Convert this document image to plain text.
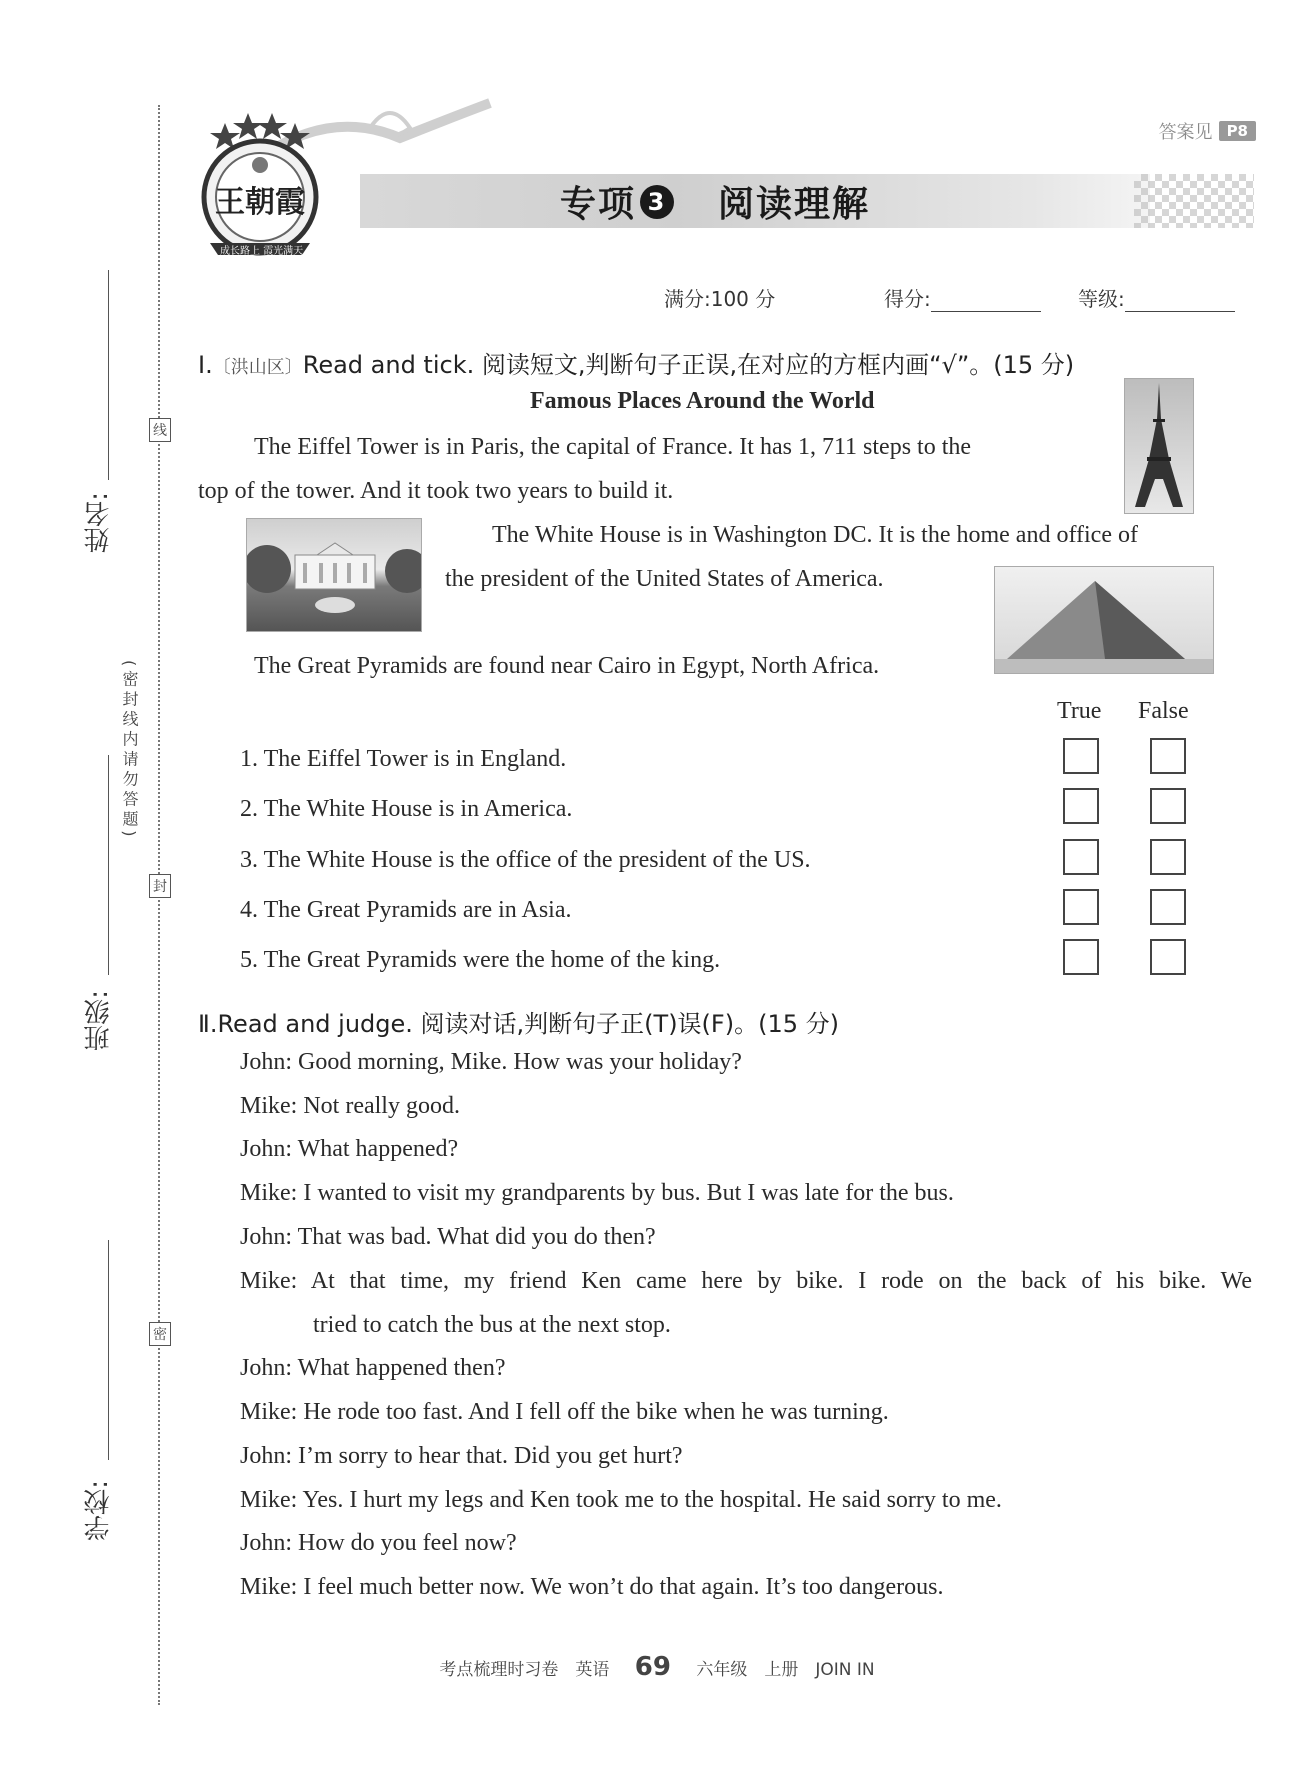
线
封
密
姓名:
(密封线内请勿答题)
班级:
学校:
答案见 P8
王朝霞
成长路上 霞光满天
专项 3 阅读理解
满分:100 分	得分:	等级:
Ⅰ.〔洪山区〕Read and tick. 阅读短文,判断句子正误,在对应的方框内画“√”。(15 分)
Famous Places Around the World
The Eiffel Tower is in Paris, the capital of France. It has 1, 711 steps to the
top of the tower. And it took two years to build it.
The White House is in Washington DC. It is the home and office of
the president of the United States of America.
The Great Pyramids are found near Cairo in Egypt, North Africa.
True False
1. The Eiffel Tower is in England.
2. The White House is in America.
3. The White House is the office of the president of the US.
4. The Great Pyramids are in Asia.
5. The Great Pyramids were the home of the king.
Ⅱ.Read and judge. 阅读对话,判断句子正(T)误(F)。(15 分)
John: Good morning, Mike. How was your holiday?
Mike: Not really good.
John: What happened?
Mike: I wanted to visit my grandparents by bus. But I was late for the bus.
John: That was bad. What did you do then?
Mike: At that time, my friend Ken came here by bike. I rode on the back of his bike. We
tried to catch the bus at the next stop.
John: What happened then?
Mike: He rode too fast. And I fell off the bike when he was turning.
John: I’m sorry to hear that. Did you get hurt?
Mike: Yes. I hurt my legs and Ken took me to the hospital. He said sorry to me.
John: How do you feel now?
Mike: I feel much better now. We won’t do that again. It’s too dangerous.
考点梳理时习卷　英语 69 六年级　上册　JOIN IN
